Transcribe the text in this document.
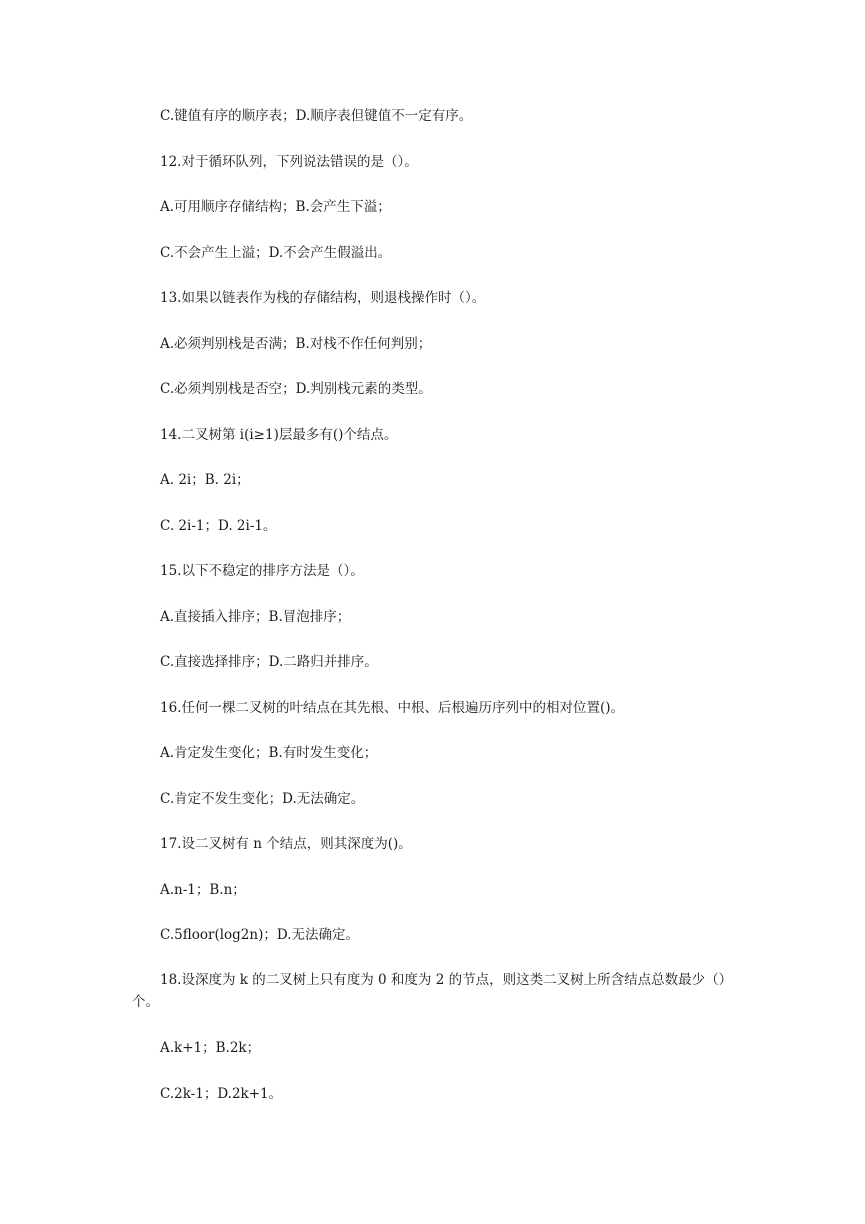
C.键值有序的顺序表；D.顺序表但键值不一定有序。
12.对于循环队列，下列说法错误的是（）。
A.可用顺序存储结构；B.会产生下溢；
C.不会产生上溢；D.不会产生假溢出。
13.如果以链表作为栈的存储结构，则退栈操作时（）。
A.必须判别栈是否满；B.对栈不作任何判别；
C.必须判别栈是否空；D.判别栈元素的类型。
14.二叉树第 i(i≥1)层最多有()个结点。
A. 2i；B. 2i；
C. 2i-1；D. 2i-1。
15.以下不稳定的排序方法是（）。
A.直接插入排序；B.冒泡排序；
C.直接选择排序；D.二路归并排序。
16.任何一棵二叉树的叶结点在其先根、中根、后根遍历序列中的相对位置()。
A.肯定发生变化；B.有时发生变化；
C.肯定不发生变化；D.无法确定。
17.设二叉树有 n 个结点，则其深度为()。
A.n-1；B.n；
C.5floor(log2n)；D.无法确定。
18.设深度为 k 的二叉树上只有度为 0 和度为 2 的节点，则这类二叉树上所含结点总数最少（）个。
A.k+1；B.2k；
C.2k-1；D.2k+1。
